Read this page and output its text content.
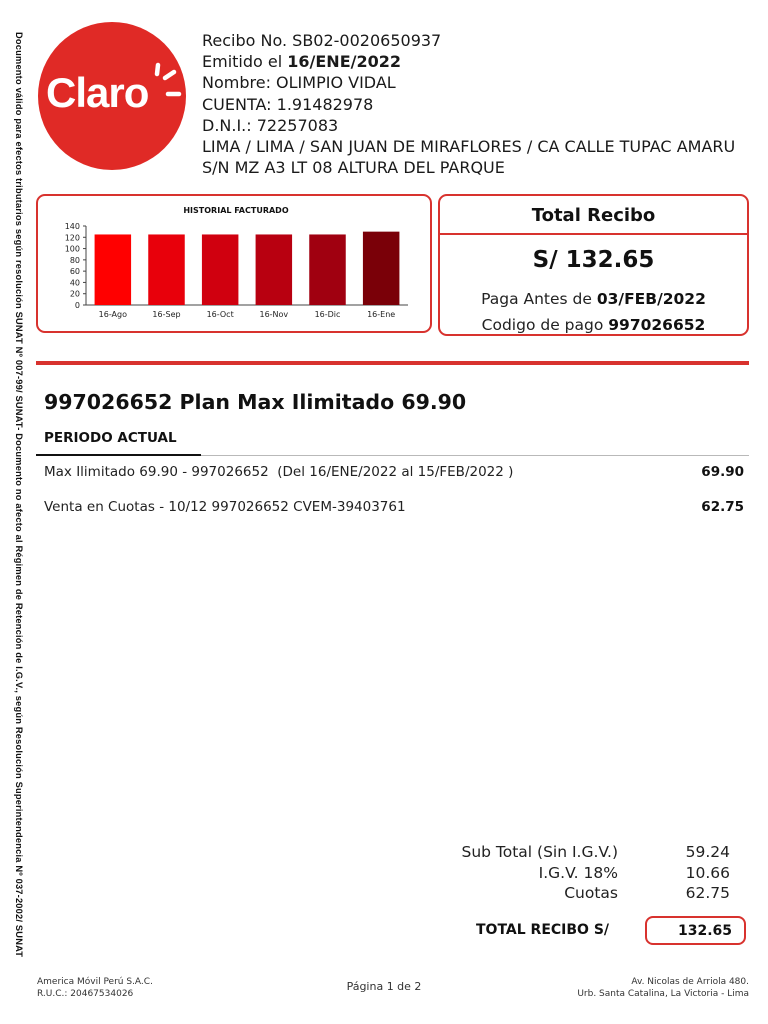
Documento válido para efectos tributarios según resolución SUNAT Nº 007-99/ SUNAT- Documento no afecto al Régimen de Retención de I.G.V., según Resolución Superintendencia Nº 037-2002/ SUNAT Claro
Recibo No. SB02-0020650937
Emitido el 16/ENE/2022
Nombre: OLIMPIO VIDAL
CUENTA: 1.91482978
D.N.I.: 72257083
LIMA / LIMA / SAN JUAN DE MIRAFLORES / CA CALLE TUPAC AMARU
S/N MZ A3 LT 08 ALTURA DEL PARQUE
HISTORIAL FACTURADO
0
20
40
60
80
100
120
140
16-Ago	16-Sep	16-Oct	16-Nov	16-Dic	16-Ene
Total Recibo
S/ 132.65
Paga Antes de 03/FEB/2022
Codigo de pago 997026652
997026652 Plan Max Ilimitado 69.90
PERIODO ACTUAL
Max Ilimitado 69.90 - 997026652  (Del 16/ENE/2022 al 15/FEB/2022 )	69.90
Venta en Cuotas - 10/12 997026652 CVEM-39403761	62.75
Sub Total (Sin I.G.V.)	59.24
I.G.V. 18%	10.66
Cuotas	62.75
TOTAL RECIBO S/	132.65
America Móvil Perú S.A.C.
R.U.C.: 20467534026
Página 1 de 2	Av. Nicolas de Arriola 480.
Urb. Santa Catalina, La Victoria - Lima
